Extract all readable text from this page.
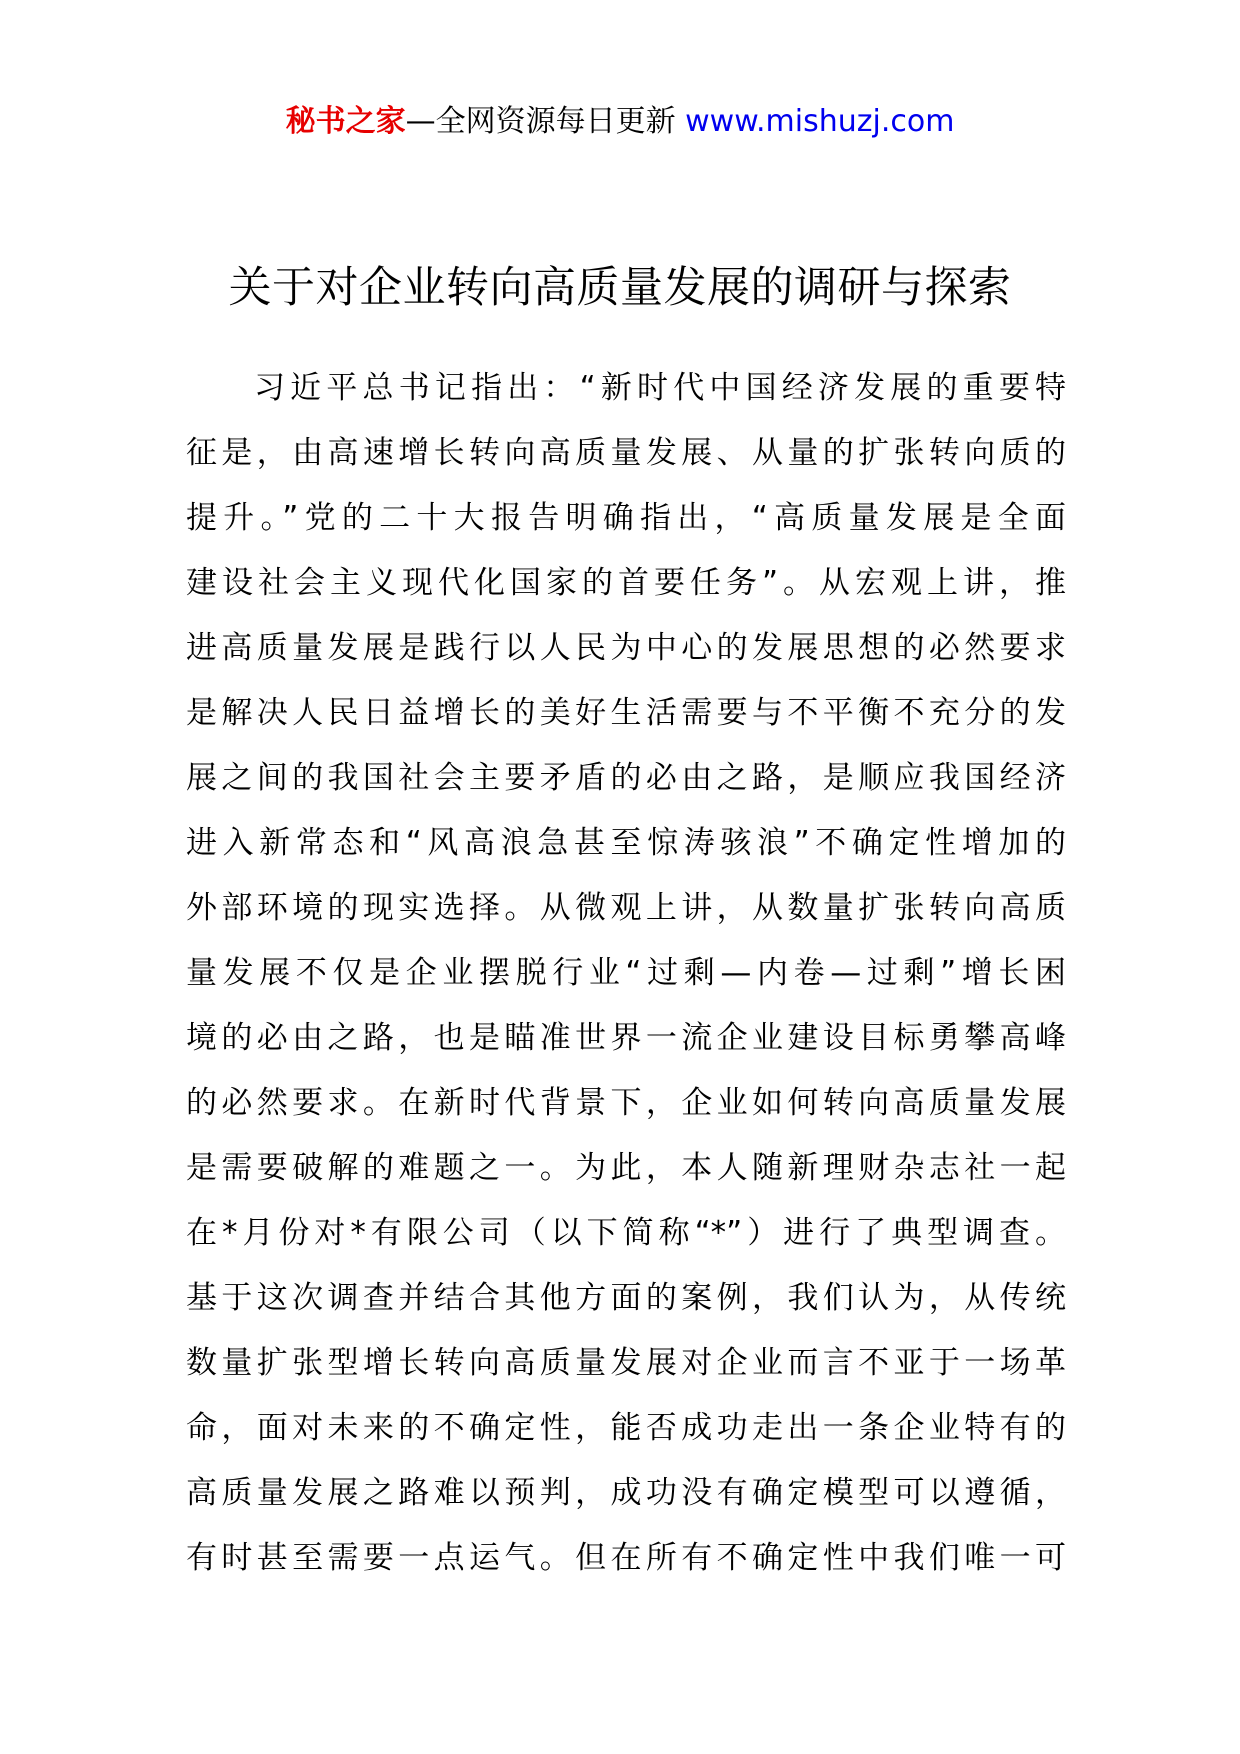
秘书之家—全网资源每日更新 www.mishuzj.com
关于对企业转向高质量发展的调研与探索
习近平总书记指出：“新时代中国经济发展的重要特
征是，由高速增长转向高质量发展、从量的扩张转向质的
提升。”党的二十大报告明确指出，“高质量发展是全面
建设社会主义现代化国家的首要任务”。从宏观上讲，推
进高质量发展是践行以人民为中心的发展思想的必然要求
是解决人民日益增长的美好生活需要与不平衡不充分的发
展之间的我国社会主要矛盾的必由之路，是顺应我国经济
进入新常态和“风高浪急甚至惊涛骇浪”不确定性增加的
外部环境的现实选择。从微观上讲，从数量扩张转向高质
量发展不仅是企业摆脱行业“过剩—内卷—过剩”增长困
境的必由之路，也是瞄准世界一流企业建设目标勇攀高峰
的必然要求。在新时代背景下，企业如何转向高质量发展
是需要破解的难题之一。为此，本人随新理财杂志社一起
在*月份对*有限公司（以下简称“*”）进行了典型调查。
基于这次调查并结合其他方面的案例，我们认为，从传统
数量扩张型增长转向高质量发展对企业而言不亚于一场革
命，面对未来的不确定性，能否成功走出一条企业特有的
高质量发展之路难以预判，成功没有确定模型可以遵循，
有时甚至需要一点运气。但在所有不确定性中我们唯一可
